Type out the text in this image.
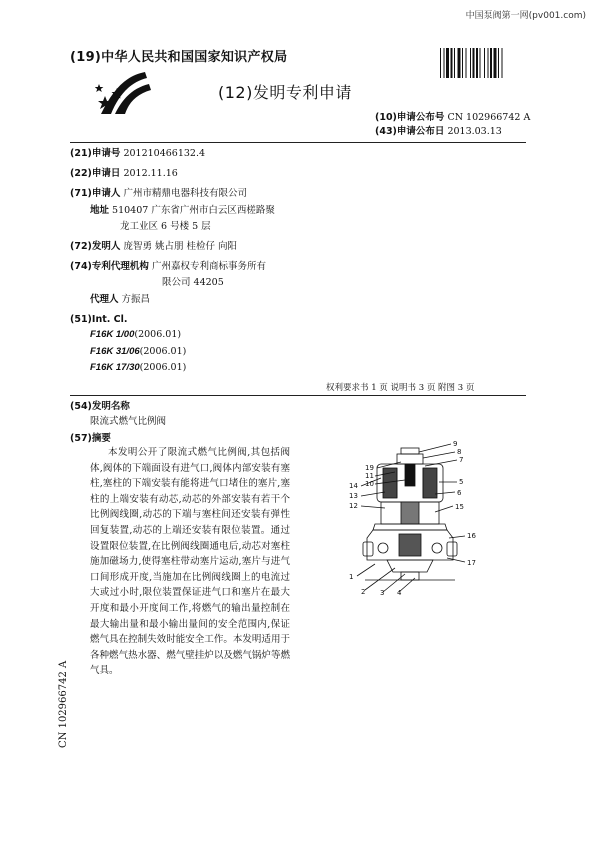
中国泵阀第一网(pv001.com)
(19)中华人民共和国国家知识产权局
(12)发明专利申请
(10)申请公布号 CN 102966742 A
(43)申请公布日 2013.03.13
(21)申请号 201210466132.4
(22)申请日 2012.11.16
(71)申请人 广州市精鼎电器科技有限公司
地址 510407 广东省广州市白云区西槎路聚
龙工业区 6 号楼 5 层
(72)发明人 庞智勇 姚占朋 桂检仔 向阳
(74)专利代理机构 广州嘉权专利商标事务所有
限公司 44205
代理人 方振昌
(51)Int. Cl.
F16K 1/00(2006.01)
F16K 31/06(2006.01)
F16K 17/30(2006.01)
权利要求书 1 页 说明书 3 页 附图 3 页
(54)发明名称
限流式燃气比例阀
(57)摘要
本发明公开了限流式燃气比例阀,其包括阀体,阀体的下端面设有进气口,阀体内部安装有塞柱,塞柱的下端安装有能将进气口堵住的塞片,塞柱的上端安装有动芯,动芯的外部安装有若干个比例阀线圈,动芯的下端与塞柱间还安装有弹性回复装置,动芯的上端还安装有限位装置。通过设置限位装置,在比例阀线圈通电后,动芯对塞柱施加磁场力,使得塞柱带动塞片运动,塞片与进气口间形成开度,当施加在比例阀线圈上的电流过大或过小时,限位装置保证进气口和塞片在最大开度和最小开度间工作,将燃气的输出量控制在最大输出量和最小输出量间的安全范围内,保证燃气具在控制失效时能安全工作。本发明适用于各种燃气热水器、燃气壁挂炉以及燃气锅炉等燃气具。
9
8
7
19
11
10
14
13
5
6
12	15
16
17
1
2 3 4
CN 102966742 A
